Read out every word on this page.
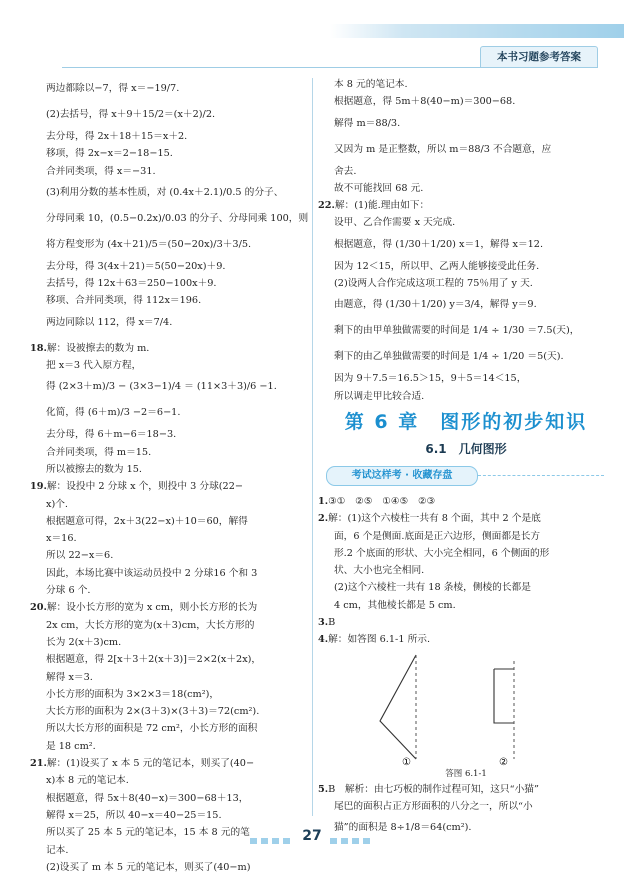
本书习题参考答案

两边都除以−7，得 x＝−19/7.

(2)去括号，得 x＋9＋15/2＝(x＋2)/2.

去分母，得 2x＋18＋15＝x＋2.

移项，得 2x−x＝2−18−15.

合并同类项，得 x＝−31.

(3)利用分数的基本性质，对 (0.4x＋2.1)/0.5 的分子、

分母同乘 10，(0.5−0.2x)/0.03 的分子、分母同乘 100，则

将方程变形为 (4x＋21)/5＝(50−20x)/3＋3/5.

去分母，得 3(4x＋21)＝5(50−20x)＋9.

去括号，得 12x＋63＝250−100x＋9.

移项、合并同类项，得 112x＝196.

两边同除以 112，得 x＝7/4.

18.解：设被擦去的数为 m.

把 x＝3 代入原方程，

得 (2×3＋m)/3 − (3×3−1)/4 ＝ (11×3＋3)/6 −1.

化简，得 (6＋m)/3 −2＝6−1.

去分母，得 6＋m−6＝18−3.

合并同类项，得 m＝15.

所以被擦去的数为 15.

19.解：设投中 2 分球 x 个，则投中 3 分球(22−

x)个.

根据题意可得，2x＋3(22−x)＋10＝60，解得

x＝16.

所以 22−x＝6.

因此，本场比赛中该运动员投中 2 分球16 个和 3

分球 6 个.

20.解：设小长方形的宽为 x cm，则小长方形的长为

2x cm，大长方形的宽为(x＋3)cm，大长方形的

长为 2(x＋3)cm.

根据题意，得 2[x＋3＋2(x＋3)]＝2×2(x＋2x)，

解得 x＝3.

小长方形的面积为 3×2×3＝18(cm²)，

大长方形的面积为 2×(3＋3)×(3＋3)＝72(cm²).

所以大长方形的面积是 72 cm²，小长方形的面积

是 18 cm².

21.解：(1)设买了 x 本 5 元的笔记本，则买了(40−

x)本 8 元的笔记本.

根据题意，得 5x＋8(40−x)＝300−68＋13，

解得 x＝25，所以 40−x＝40−25＝15.

所以买了 25 本 5 元的笔记本，15 本 8 元的笔

记本.

(2)设买了 m 本 5 元的笔记本，则买了(40−m)

本 8 元的笔记本.

根据题意，得 5m＋8(40−m)＝300−68.

解得 m＝88/3.

又因为 m 是正整数，所以 m＝88/3 不合题意，应

舍去.

故不可能找回 68 元.

22.解：(1)能.理由如下：

设甲、乙合作需要 x 天完成.

根据题意，得 (1/30＋1/20) x＝1，解得 x＝12.

因为 12＜15，所以甲、乙两人能够接受此任务.

(2)设两人合作完成这项工程的 75％用了 y 天.

由题意，得 (1/30＋1/20) y＝3/4，解得 y＝9.

剩下的由甲单独做需要的时间是 1/4 ÷ 1/30 ＝7.5(天)，

剩下的由乙单独做需要的时间是 1/4 ÷ 1/20 ＝5(天).

因为 9＋7.5＝16.5＞15，9＋5＝14＜15，

所以调走甲比较合适.

第 6 章　图形的初步知识
6.1　几何图形
考试这样考 · 收藏存盘

1.③①　②⑤　①④⑤　②③

2.解：(1)这个六棱柱一共有 8 个面，其中 2 个是底

面，6 个是侧面.底面是正六边形，侧面都是长方

形.2 个底面的形状、大小完全相同，6 个侧面的形

状、大小也完全相同.

(2)这个六棱柱一共有 18 条棱，侧棱的长都是

4 cm，其他棱长都是 5 cm.

3.B

4.解：如答图 6.1-1 所示.

①	②
答图 6.1-1

5.B　解析：由七巧板的制作过程可知，这只“小猫”

尾巴的面积占正方形面积的八分之一，所以“小

猫”的面积是 8÷1/8＝64(cm²).

27
